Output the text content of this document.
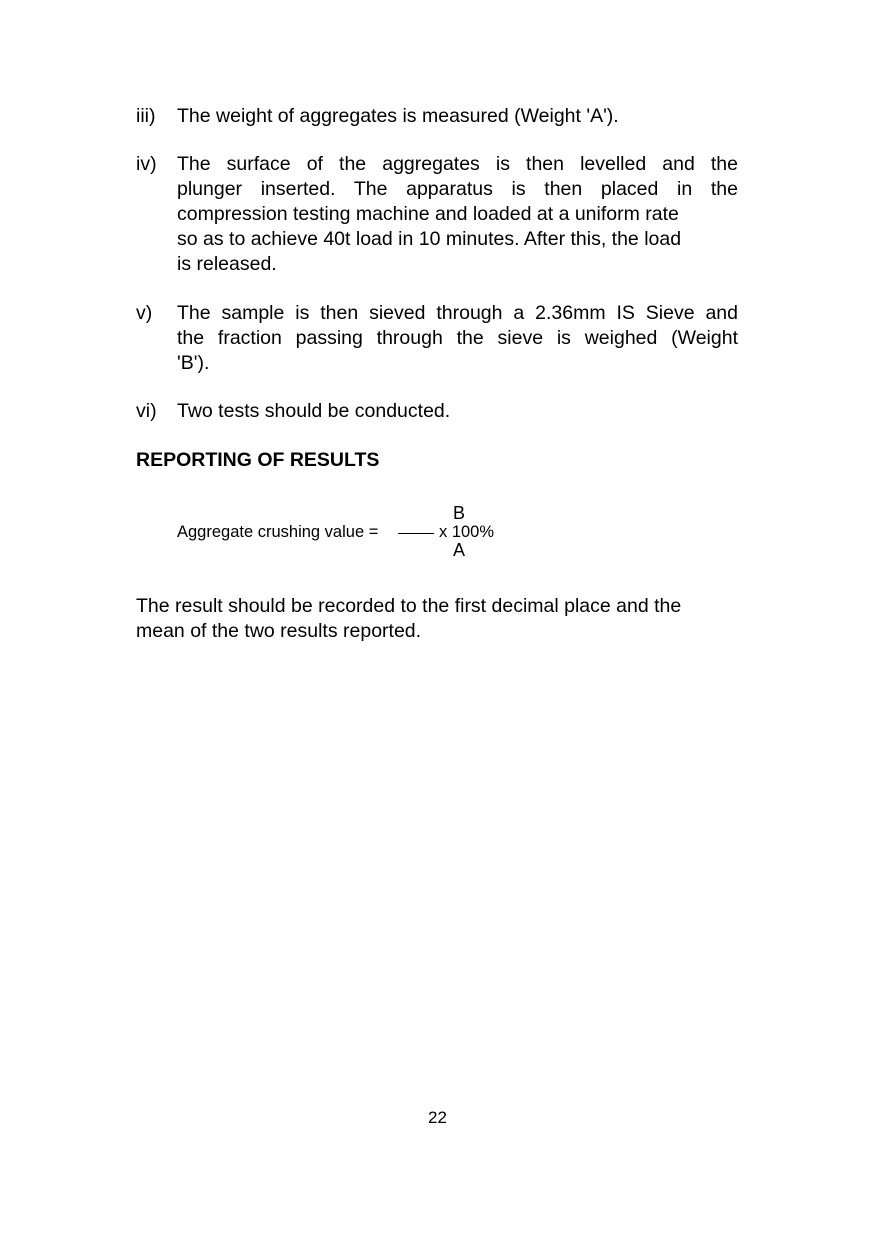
iii)	The weight of aggregates is measured (Weight 'A').
iv)	The surface of the aggregates is then levelled and the
plunger inserted. The apparatus is then placed in the
compression testing machine and loaded at a uniform rate
so as to achieve 40t load in 10 minutes. After this, the load
is released.
v)	The sample is then sieved through a 2.36mm IS Sieve and
the fraction passing through the sieve is weighed (Weight
'B').
vi)	Two tests should be conducted.
REPORTING OF RESULTS
Aggregate crushing value =
B
x 100%
A
The result should be recorded to the first decimal place and the
mean of the two results reported.
22
